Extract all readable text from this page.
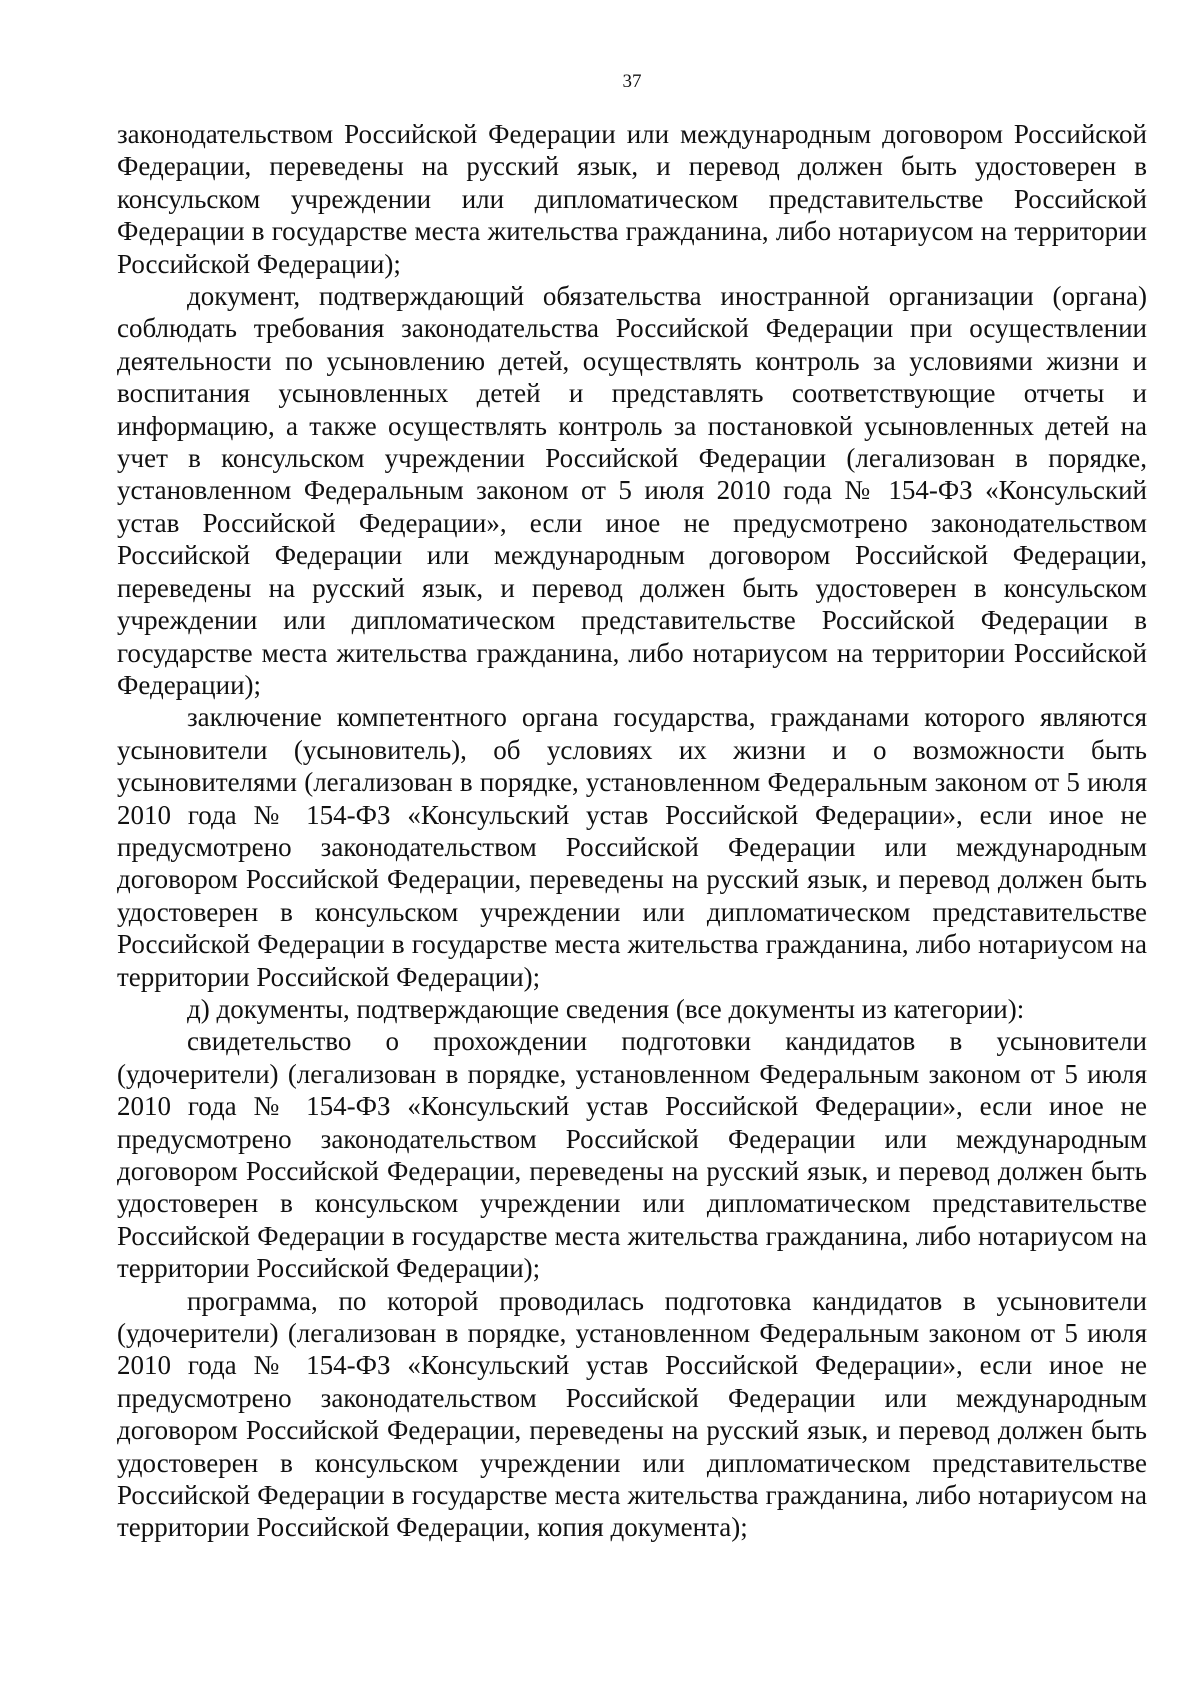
37

законодательством Российской Федерации или международным договором Российской Федерации, переведены на русский язык, и перевод должен быть удостоверен в консульском учреждении или дипломатическом представительстве Российской Федерации в государстве места жительства гражданина, либо нотариусом на территории Российской Федерации);

документ, подтверждающий обязательства иностранной организации (органа) соблюдать требования законодательства Российской Федерации при осуществлении деятельности по усыновлению детей, осуществлять контроль за условиями жизни и воспитания усыновленных детей и представлять соответствующие отчеты и информацию, а также осуществлять контроль за постановкой усыновленных детей на учет в консульском учреждении Российской Федерации (легализован в порядке, установленном Федеральным законом от 5 июля 2010 года № 154-ФЗ «Консульский устав Российской Федерации», если иное не предусмотрено законодательством Российской Федерации или международным договором Российской Федерации, переведены на русский язык, и перевод должен быть удостоверен в консульском учреждении или дипломатическом представительстве Российской Федерации в государстве места жительства гражданина, либо нотариусом на территории Российской Федерации);

заключение компетентного органа государства, гражданами которого являются усыновители (усыновитель), об условиях их жизни и о возможности быть усыновителями (легализован в порядке, установленном Федеральным законом от 5 июля 2010 года № 154-ФЗ «Консульский устав Российской Федерации», если иное не предусмотрено законодательством Российской Федерации или международным договором Российской Федерации, переведены на русский язык, и перевод должен быть удостоверен в консульском учреждении или дипломатическом представительстве Российской Федерации в государстве места жительства гражданина, либо нотариусом на территории Российской Федерации);

д) документы, подтверждающие сведения (все документы из категории):

свидетельство о прохождении подготовки кандидатов в усыновители (удочерители) (легализован в порядке, установленном Федеральным законом от 5 июля 2010 года № 154-ФЗ «Консульский устав Российской Федерации», если иное не предусмотрено законодательством Российской Федерации или международным договором Российской Федерации, переведены на русский язык, и перевод должен быть удостоверен в консульском учреждении или дипломатическом представительстве Российской Федерации в государстве места жительства гражданина, либо нотариусом на территории Российской Федерации);

программа, по которой проводилась подготовка кандидатов в усыновители (удочерители) (легализован в порядке, установленном Федеральным законом от 5 июля 2010 года № 154-ФЗ «Консульский устав Российской Федерации», если иное не предусмотрено законодательством Российской Федерации или международным договором Российской Федерации, переведены на русский язык, и перевод должен быть удостоверен в консульском учреждении или дипломатическом представительстве Российской Федерации в государстве места жительства гражданина, либо нотариусом на территории Российской Федерации, копия документа);
